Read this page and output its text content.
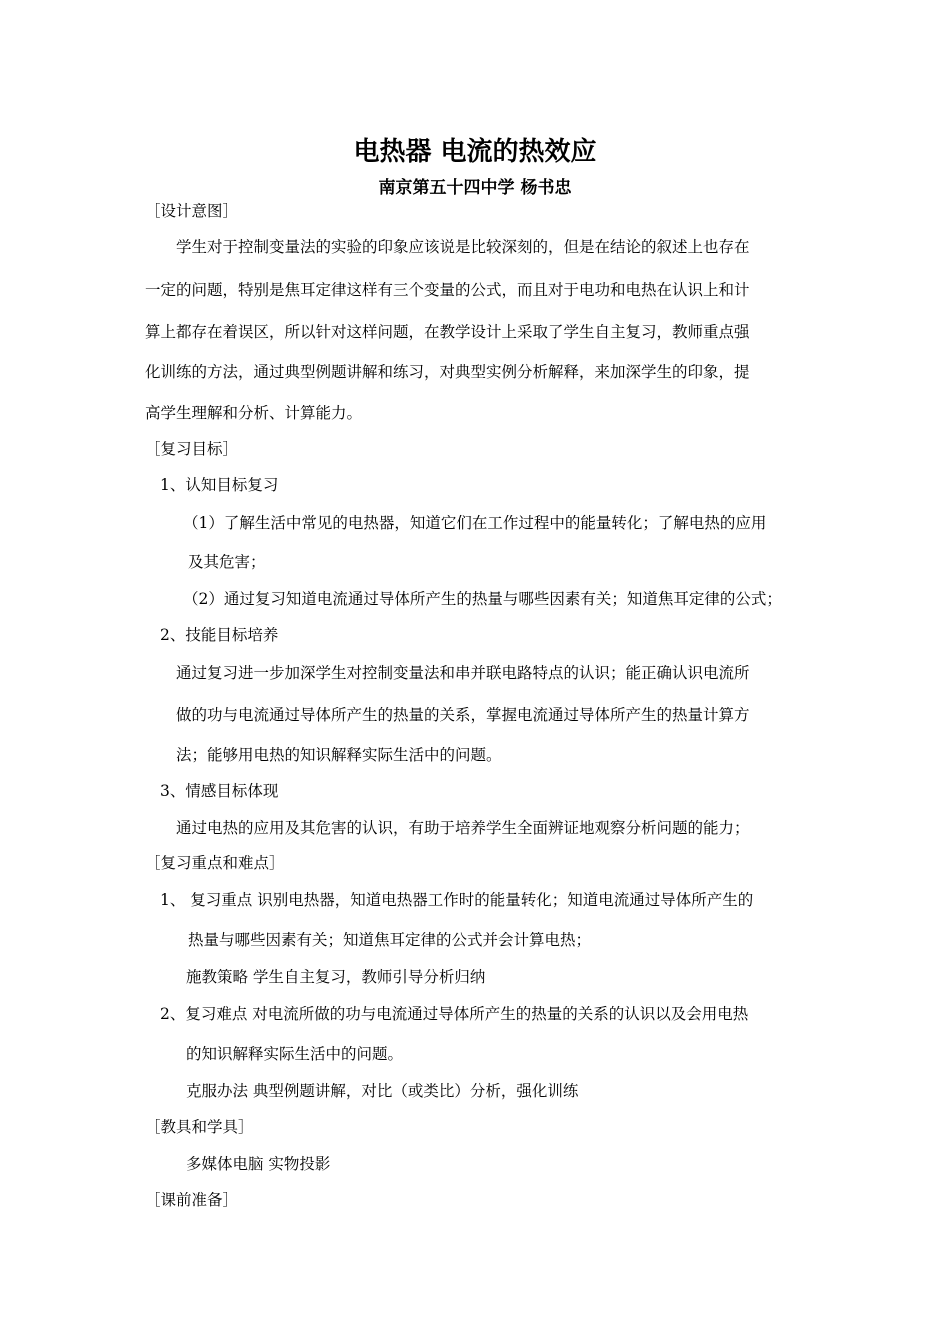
电热器 电流的热效应
南京第五十四中学 杨书忠
［设计意图］
学生对于控制变量法的实验的印象应该说是比较深刻的，但是在结论的叙述上也存在
一定的问题，特别是焦耳定律这样有三个变量的公式，而且对于电功和电热在认识上和计
算上都存在着误区，所以针对这样问题，在教学设计上采取了学生自主复习，教师重点强
化训练的方法，通过典型例题讲解和练习，对典型实例分析解释，来加深学生的印象，提
高学生理解和分析、计算能力。
［复习目标］
1、认知目标复习
（1）了解生活中常见的电热器，知道它们在工作过程中的能量转化；了解电热的应用
及其危害；
（2）通过复习知道电流通过导体所产生的热量与哪些因素有关；知道焦耳定律的公式；
2、技能目标培养
通过复习进一步加深学生对控制变量法和串并联电路特点的认识；能正确认识电流所
做的功与电流通过导体所产生的热量的关系，掌握电流通过导体所产生的热量计算方
法；能够用电热的知识解释实际生活中的问题。
3、情感目标体现
通过电热的应用及其危害的认识，有助于培养学生全面辨证地观察分析问题的能力；
［复习重点和难点］
1、 复习重点 识别电热器，知道电热器工作时的能量转化；知道电流通过导体所产生的
热量与哪些因素有关；知道焦耳定律的公式并会计算电热；
施教策略 学生自主复习，教师引导分析归纳
2、复习难点 对电流所做的功与电流通过导体所产生的热量的关系的认识以及会用电热
的知识解释实际生活中的问题。
克服办法 典型例题讲解，对比（或类比）分析，强化训练
［教具和学具］
多媒体电脑 实物投影
［课前准备］
